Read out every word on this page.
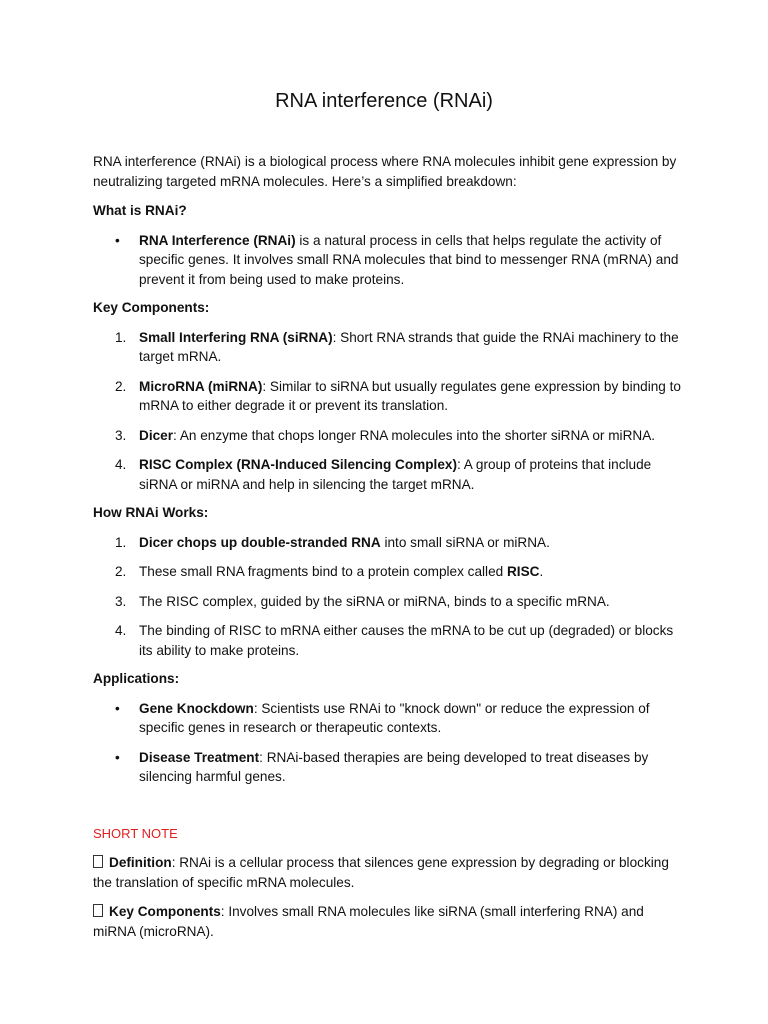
RNA interference (RNAi)

RNA interference (RNAi) is a biological process where RNA molecules inhibit gene expression by neutralizing targeted mRNA molecules. Here’s a simplified breakdown:

What is RNAi?
• RNA Interference (RNAi) is a natural process in cells that helps regulate the activity of specific genes. It involves small RNA molecules that bind to messenger RNA (mRNA) and prevent it from being used to make proteins.
Key Components:
1. Small Interfering RNA (siRNA): Short RNA strands that guide the RNAi machinery to the target mRNA.
2. MicroRNA (miRNA): Similar to siRNA but usually regulates gene expression by binding to mRNA to either degrade it or prevent its translation.
3. Dicer: An enzyme that chops longer RNA molecules into the shorter siRNA or miRNA.
4. RISC Complex (RNA-Induced Silencing Complex): A group of proteins that include siRNA or miRNA and help in silencing the target mRNA.
How RNAi Works:
1. Dicer chops up double-stranded RNA into small siRNA or miRNA.
2. These small RNA fragments bind to a protein complex called RISC.
3. The RISC complex, guided by the siRNA or miRNA, binds to a specific mRNA.
4. The binding of RISC to mRNA either causes the mRNA to be cut up (degraded) or blocks its ability to make proteins.
Applications:
• Gene Knockdown: Scientists use RNAi to "knock down" or reduce the expression of specific genes in research or therapeutic contexts.
• Disease Treatment: RNAi-based therapies are being developed to treat diseases by silencing harmful genes.

SHORT NOTE

Definition: RNAi is a cellular process that silences gene expression by degrading or blocking the translation of specific mRNA molecules.

Key Components: Involves small RNA molecules like siRNA (small interfering RNA) and miRNA (microRNA).
